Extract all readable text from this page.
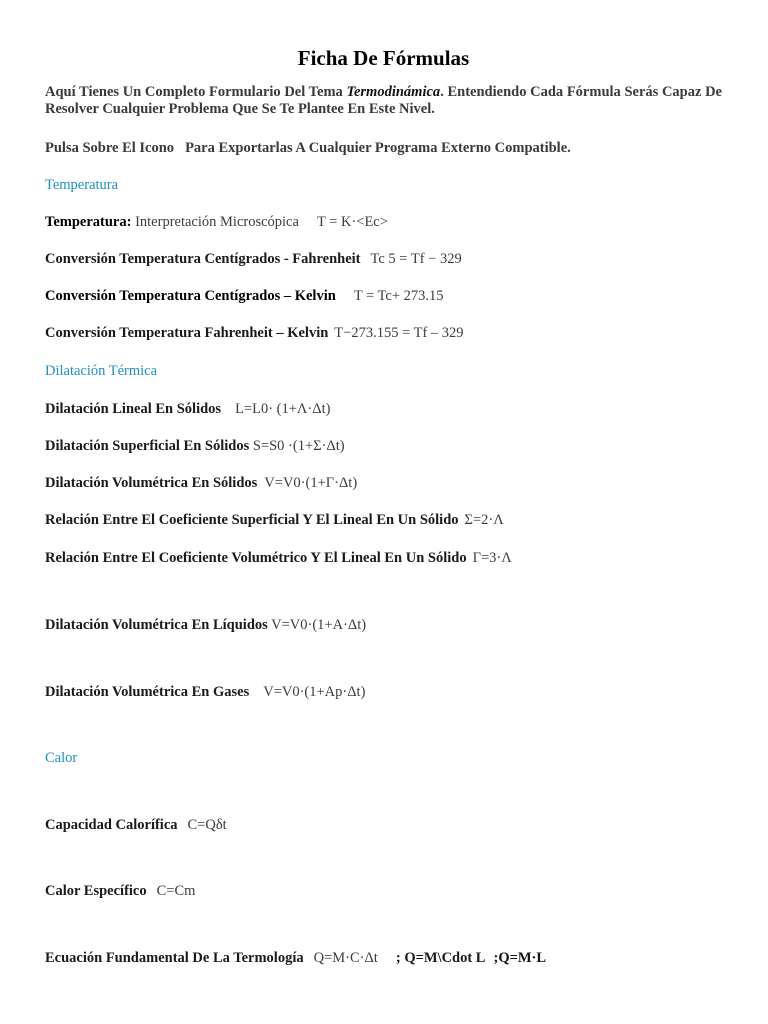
Ficha De Fórmulas
Aquí Tienes Un Completo Formulario Del Tema Termodinámica. Entendiendo Cada Fórmula Serás Capaz De Resolver Cualquier Problema Que Se Te Plantee En Este Nivel.
Pulsa Sobre El Icono Para Exportarlas A Cualquier Programa Externo Compatible.
Temperatura
Temperatura: Interpretación Microscópica T = K·<Ec>
Conversión Temperatura Centígrados - Fahrenheit Tc 5 = Tf − 329
Conversión Temperatura Centígrados – Kelvin T = Tc+ 273.15
Conversión Temperatura Fahrenheit – Kelvin T−273.155 = Tf – 329
Dilatación Térmica
Dilatación Lineal En Sólidos L=L0· (1+Λ·Δt)
Dilatación Superficial En Sólidos S=S0 ·(1+Σ·Δt)
Dilatación Volumétrica En Sólidos V=V0·(1+Γ·Δt)
Relación Entre El Coeficiente Superficial Y El Lineal En Un Sólido Σ=2·Λ
Relación Entre El Coeficiente Volumétrico Y El Lineal En Un Sólido Γ=3·Λ
Dilatación Volumétrica En Líquidos V=V0·(1+A·Δt)
Dilatación Volumétrica En Gases V=V0·(1+Ap·Δt)
Calor
Capacidad Calorífica C=Qδt
Calor Específico C=Cm
Ecuación Fundamental De La Termología Q=M·C·Δt ; Q=M\Cdot L ;Q=M·L
